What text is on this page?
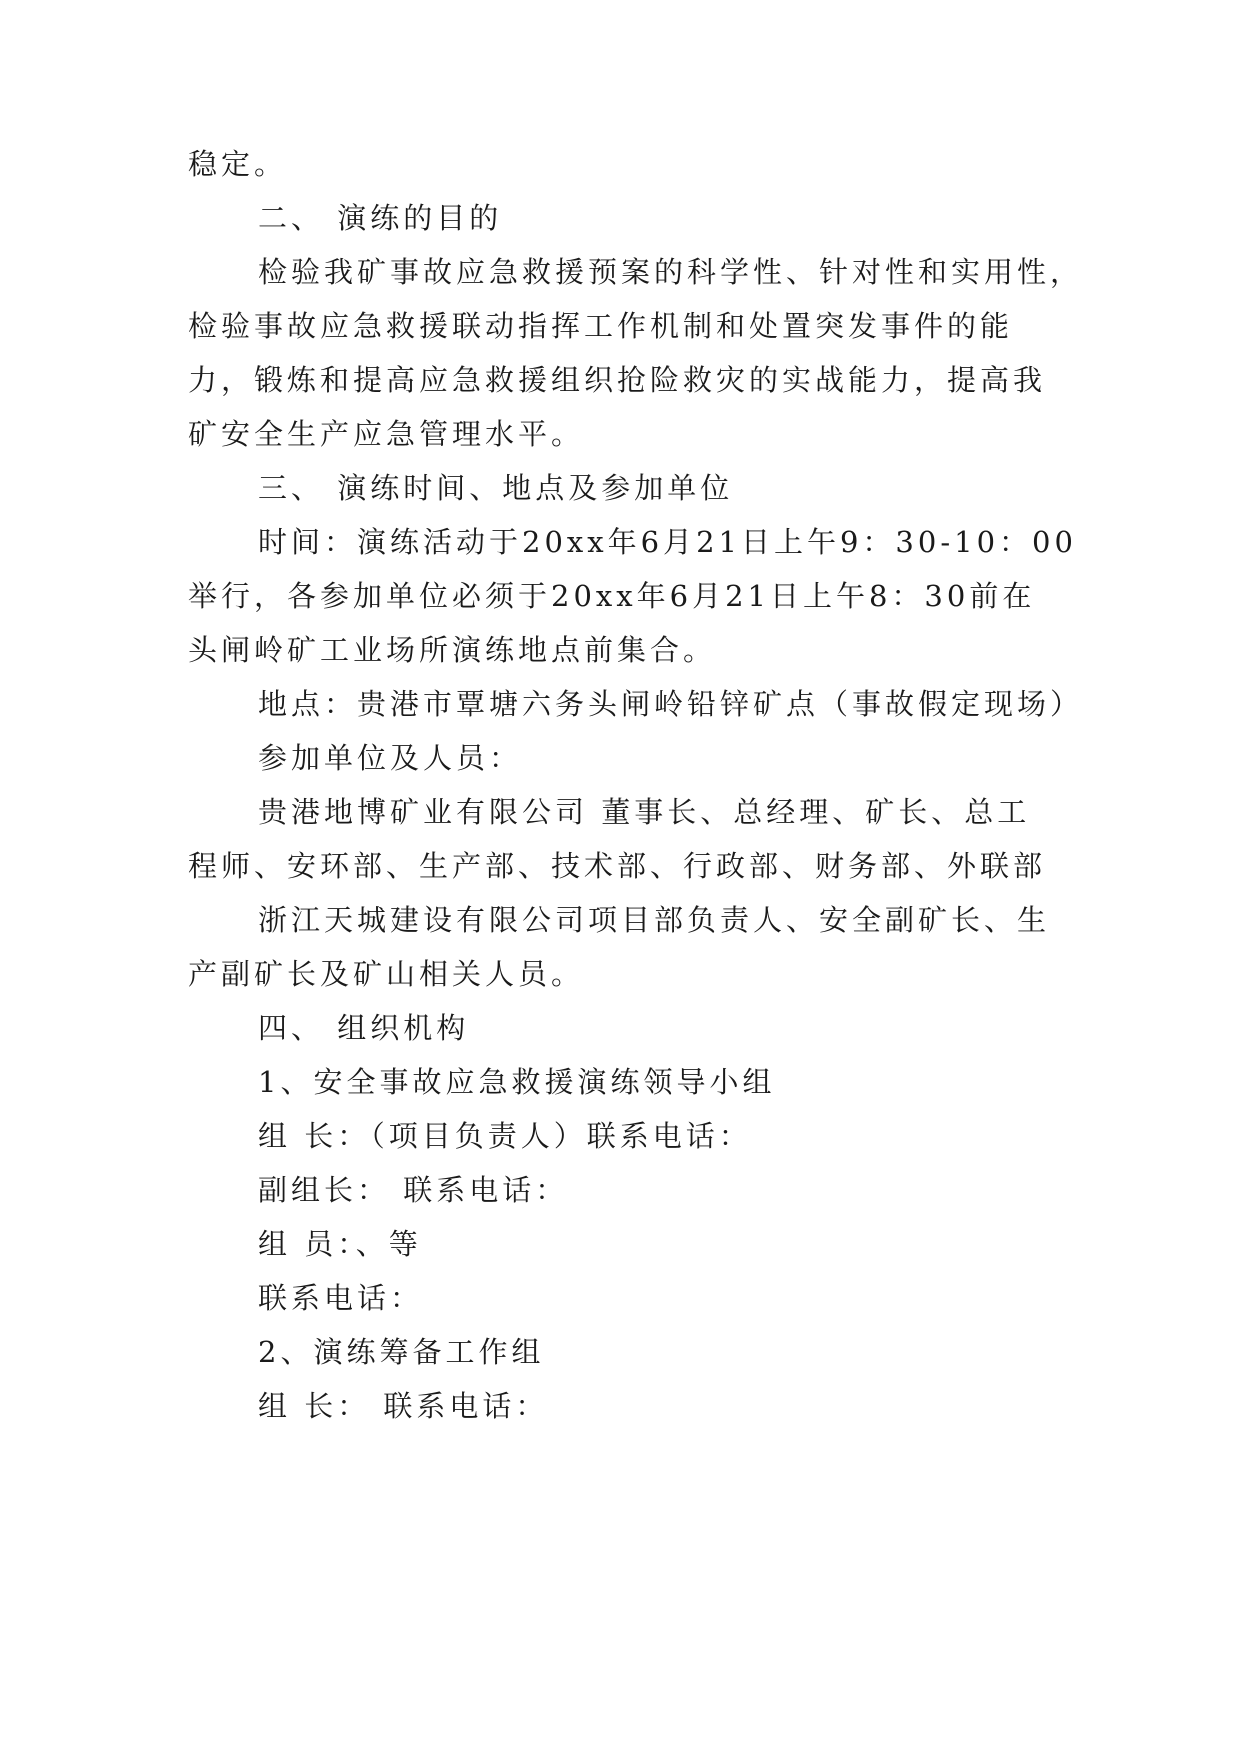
稳定。
二、 演练的目的
检验我矿事故应急救援预案的科学性、针对性和实用性，
检验事故应急救援联动指挥工作机制和处置突发事件的能
力，锻炼和提高应急救援组织抢险救灾的实战能力，提高我
矿安全生产应急管理水平。
三、 演练时间、地点及参加单位
时间：演练活动于20xx年6月21日上午9：30-10：00
举行，各参加单位必须于20xx年6月21日上午8：30前在
头闸岭矿工业场所演练地点前集合。
地点：贵港市覃塘六务头闸岭铅锌矿点（事故假定现场）
参加单位及人员：
贵港地博矿业有限公司 董事长、总经理、矿长、总工
程师、安环部、生产部、技术部、行政部、财务部、外联部
浙江天城建设有限公司项目部负责人、安全副矿长、生
产副矿长及矿山相关人员。
四、 组织机构
1、安全事故应急救援演练领导小组
组 长：（项目负责人）联系电话：
副组长： 联系电话：
组 员：、等
联系电话：
2、演练筹备工作组
组 长： 联系电话：
